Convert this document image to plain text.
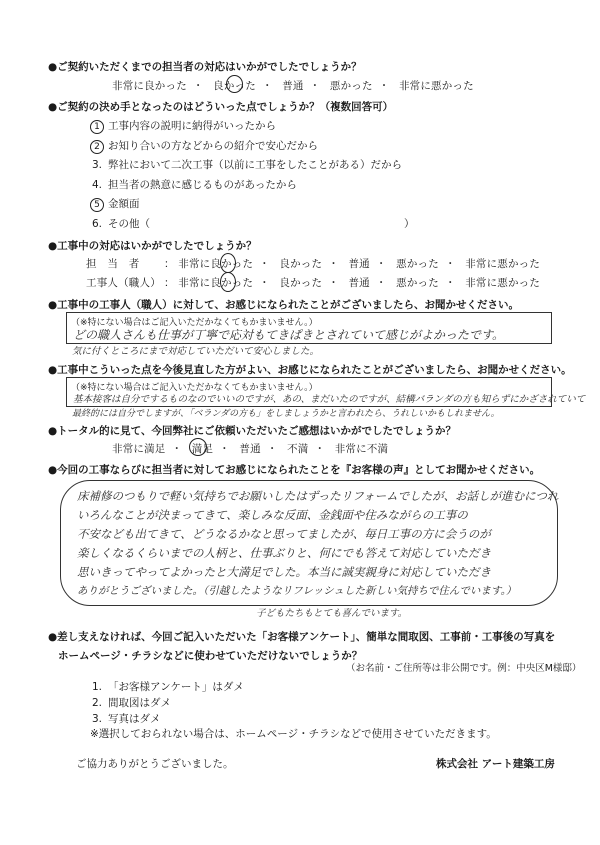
●ご契約いただくまでの担当者の対応はいかがでしたでしょうか？
非常に良かった ・ 良かった ・ 普通 ・ 悪かった ・ 非常に悪かった
●ご契約の決め手となったのはどういった点でしょうか？（複数回答可）
1 工事内容の説明に納得がいったから
2 お知り合いの方などからの紹介で安心だから
3. 弊社において二次工事（以前に工事をしたことがある）だから
4. 担当者の熱意に感じるものがあったから
5 金額面
6. その他（	）
●工事中の対応はいかがでしたでしょうか？
担　当　者 ： 非常に良かった ・ 良かった ・ 普通 ・ 悪かった ・ 非常に悪かった
工事人（職人） ： 非常に良かった ・ 良かった ・ 普通 ・ 悪かった ・ 非常に悪かった
●工事中の工事人（職人）に対して、お感じになられたことがございましたら、お聞かせください。
（※特にない場合はご記入いただかなくてもかまいません。）
どの職人さんも仕事が丁寧で応対もてきぱきとされていて感じがよかったです。
気に付くところにまで対応していただいて安心しました。
●工事中こういった点を今後見直した方がよい、お感じになられたことがございましたら、お聞かせください。
（※特にない場合はご記入いただかなくてもかまいません。）
基本接客は自分でするものなのでいいのですが、あの、まだいたのですが、結構バランダの方も知らずにかざされていて
最終的には自分でしますが、「ベランダの方も」をしましょうかと言われたら、うれしいかもしれません。
●トータル的に見て、今回弊社にご依頼いただいたご感想はいかがでしたでしょうか？
非常に満足 ・ 満足 ・ 普通 ・ 不満 ・ 非常に不満
●今回の工事ならびに担当者に対してお感じになられたことを『お客様の声』としてお聞かせください。
床補修のつもりで軽い気持ちでお願いしたはずったリフォームでしたが、お話しが進むにつれ
いろんなことが決まってきて、楽しみな反面、金銭面や住みながらの工事の
不安なども出てきて、どうなるかなと思ってましたが、毎日工事の方に会うのが
楽しくなるくらいまでの人柄と、仕事ぶりと、何にでも答えて対応していただき
思いきってやってよかったと大満足でした。本当に誠実親身に対応していただき
ありがとうございました。（引越したようなリフレッシュした新しい気持ちで住んでいます。）
子どもたちもとても喜んでいます。
●差し支えなければ、今回ご記入いただいた「お客様アンケート」、簡単な間取図、工事前・工事後の写真を
ホームページ・チラシなどに使わせていただけないでしょうか？
（お名前・ご住所等は非公開です。例：中央区M様邸）
1. 「お客様アンケート」はダメ
2. 間取図はダメ
3. 写真はダメ
※選択しておられない場合は、ホームページ・チラシなどで使用させていただきます。
ご協力ありがとうございました。	株式会社 アート建築工房
